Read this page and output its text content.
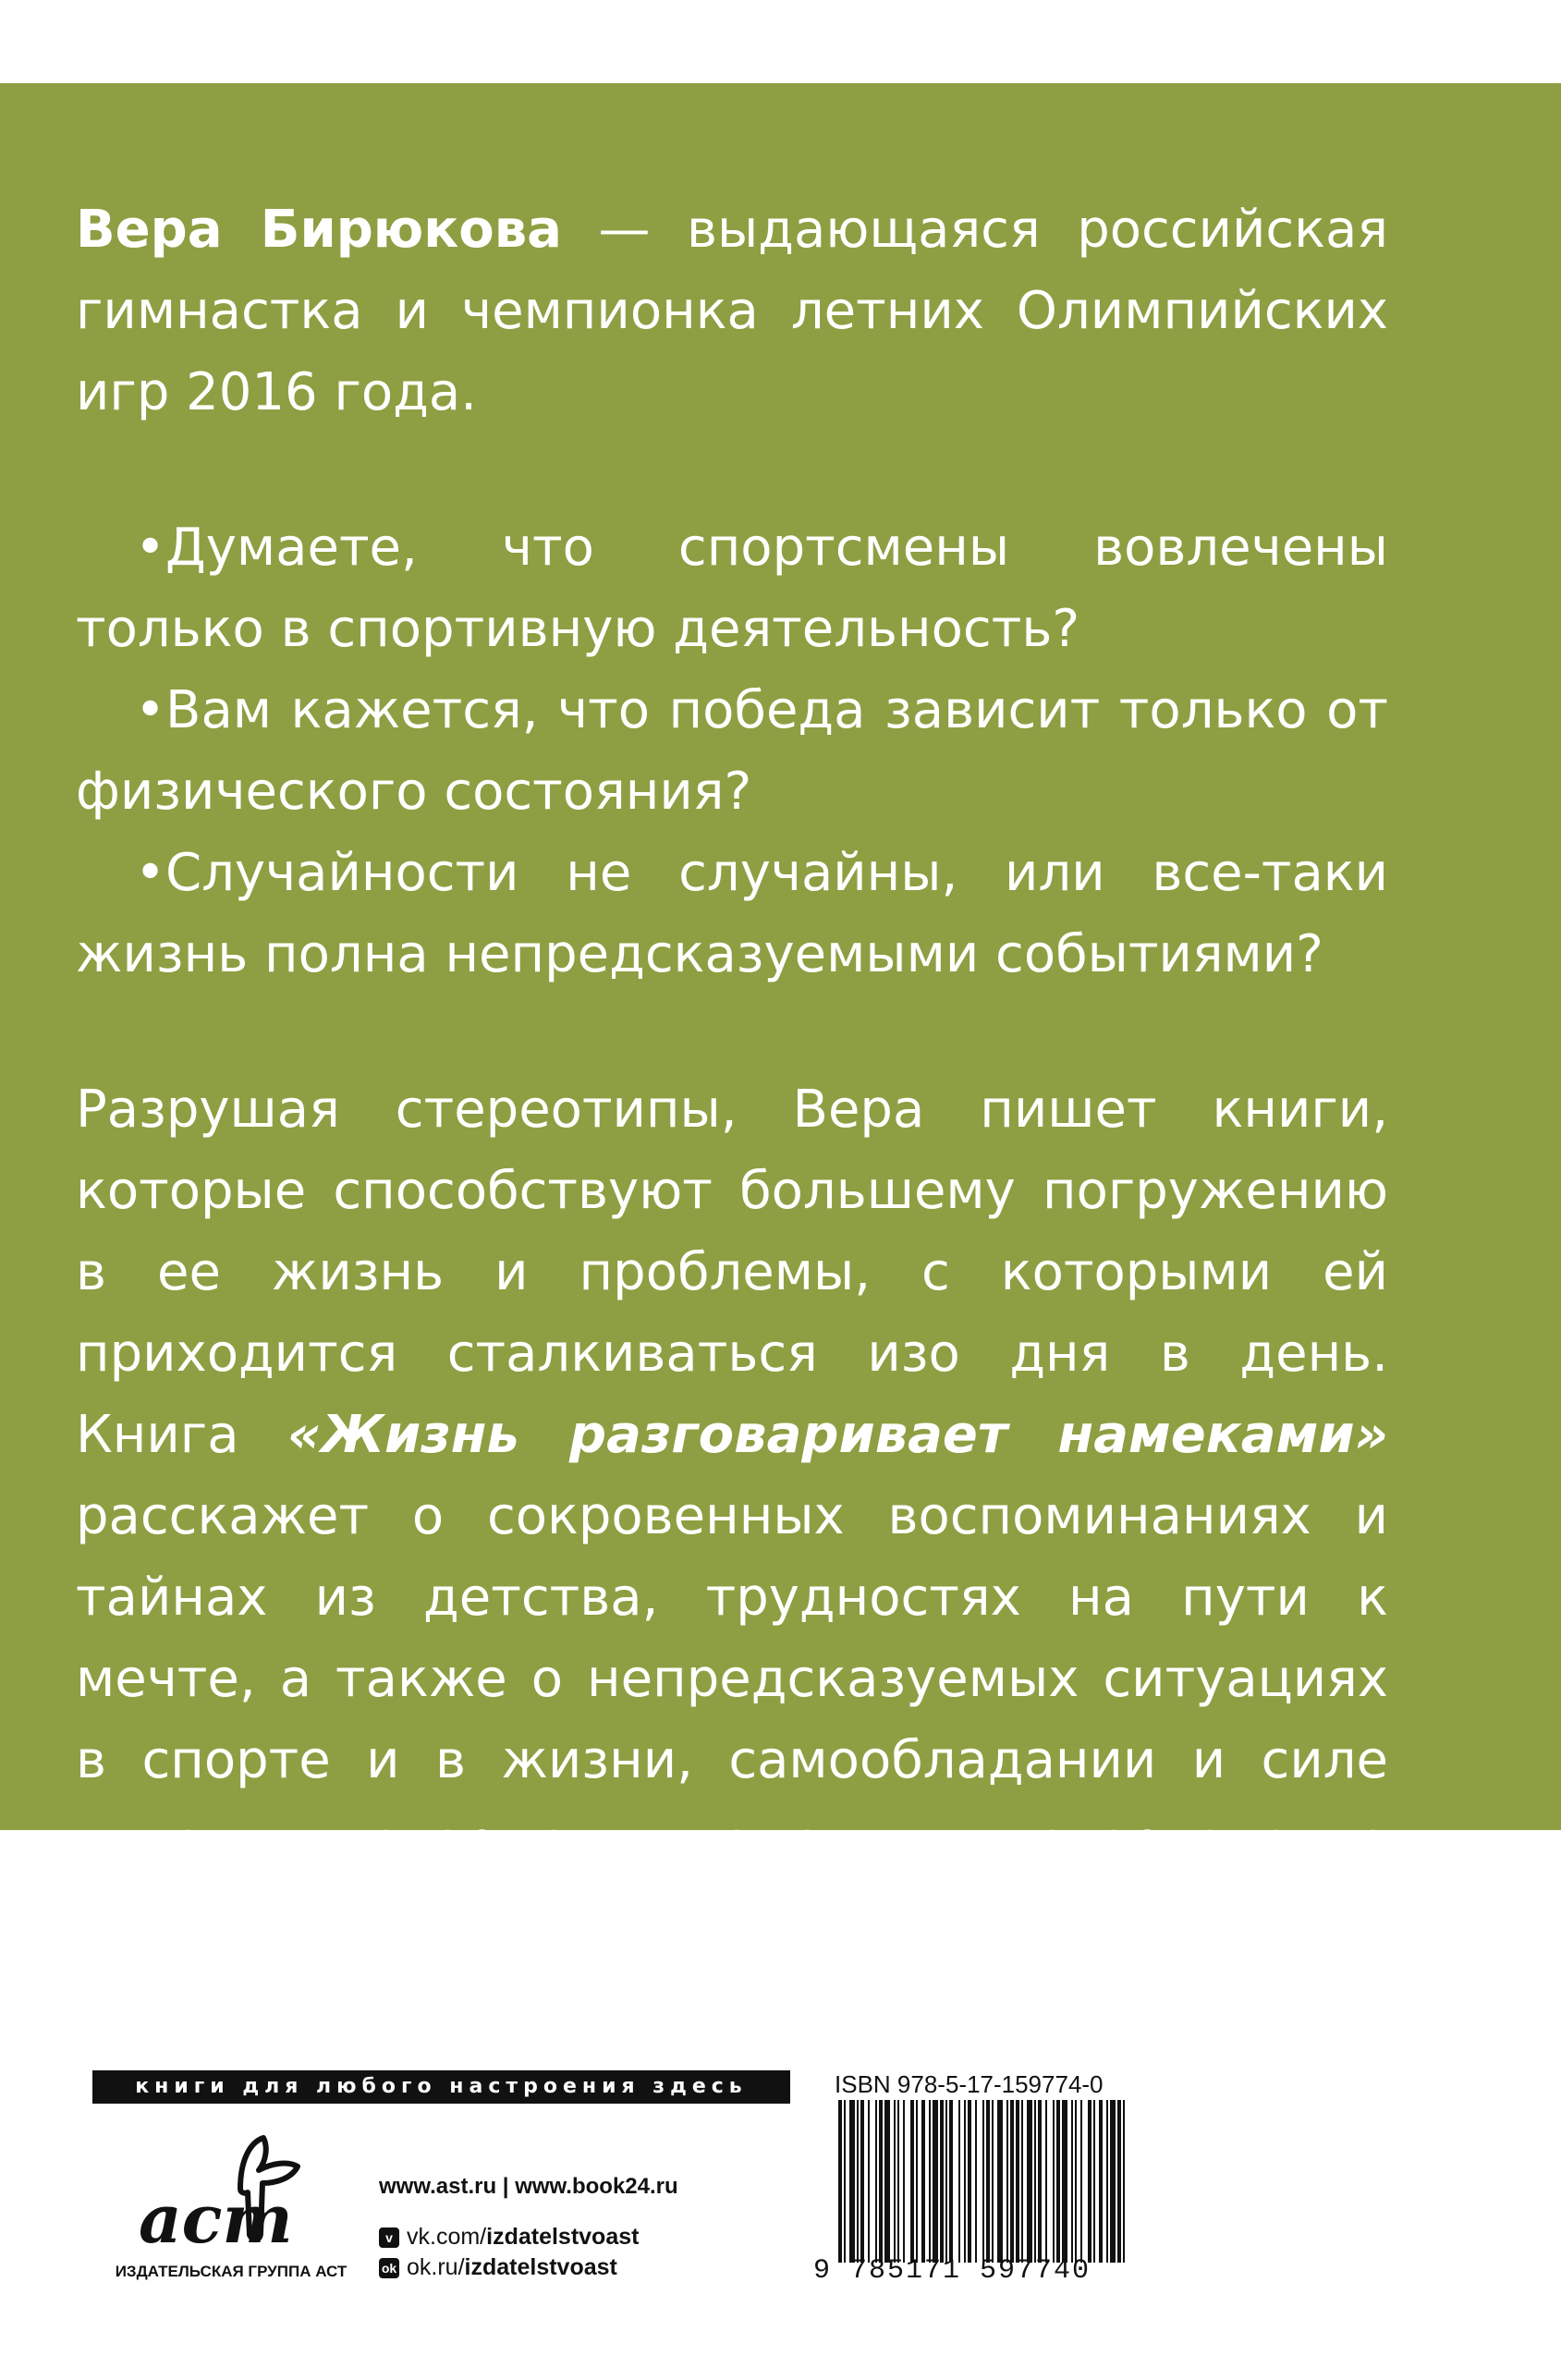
Вера Бирюкова — выдающаяся российская гимнастка и чемпионка летних Олимпийских игр 2016 года.

•Думаете, что спортсмены вовлечены только в спортивную деятельность?

•Вам кажется, что победа зависит только от физического состояния?

•Случайности не случайны, или все-таки жизнь полна непредсказуемыми событиями?

Разрушая стереотипы, Вера пишет книги, которые способствуют большему погружению в ее жизнь и проблемы, с которыми ей приходится сталкиваться изо дня в день. Книга «Жизнь разговаривает намеками» расскажет о сокровенных воспоминаниях и тайнах из детства, трудностях на пути к мечте, а также о непредсказуемых ситуациях в спорте и в жизни, самообладании и силе духа, которые помогли спортсменке справиться с выгоранием.

книги для любого настроения здесь
аст
ИЗДАТЕЛЬСКАЯ ГРУППА АСТ
www.ast.ru | www.book24.ru
v vk.com/ izdatelstvoast
ok ok.ru/ izdatelstvoast
ISBN 978-5-17-159774-0
9 785171 597740
